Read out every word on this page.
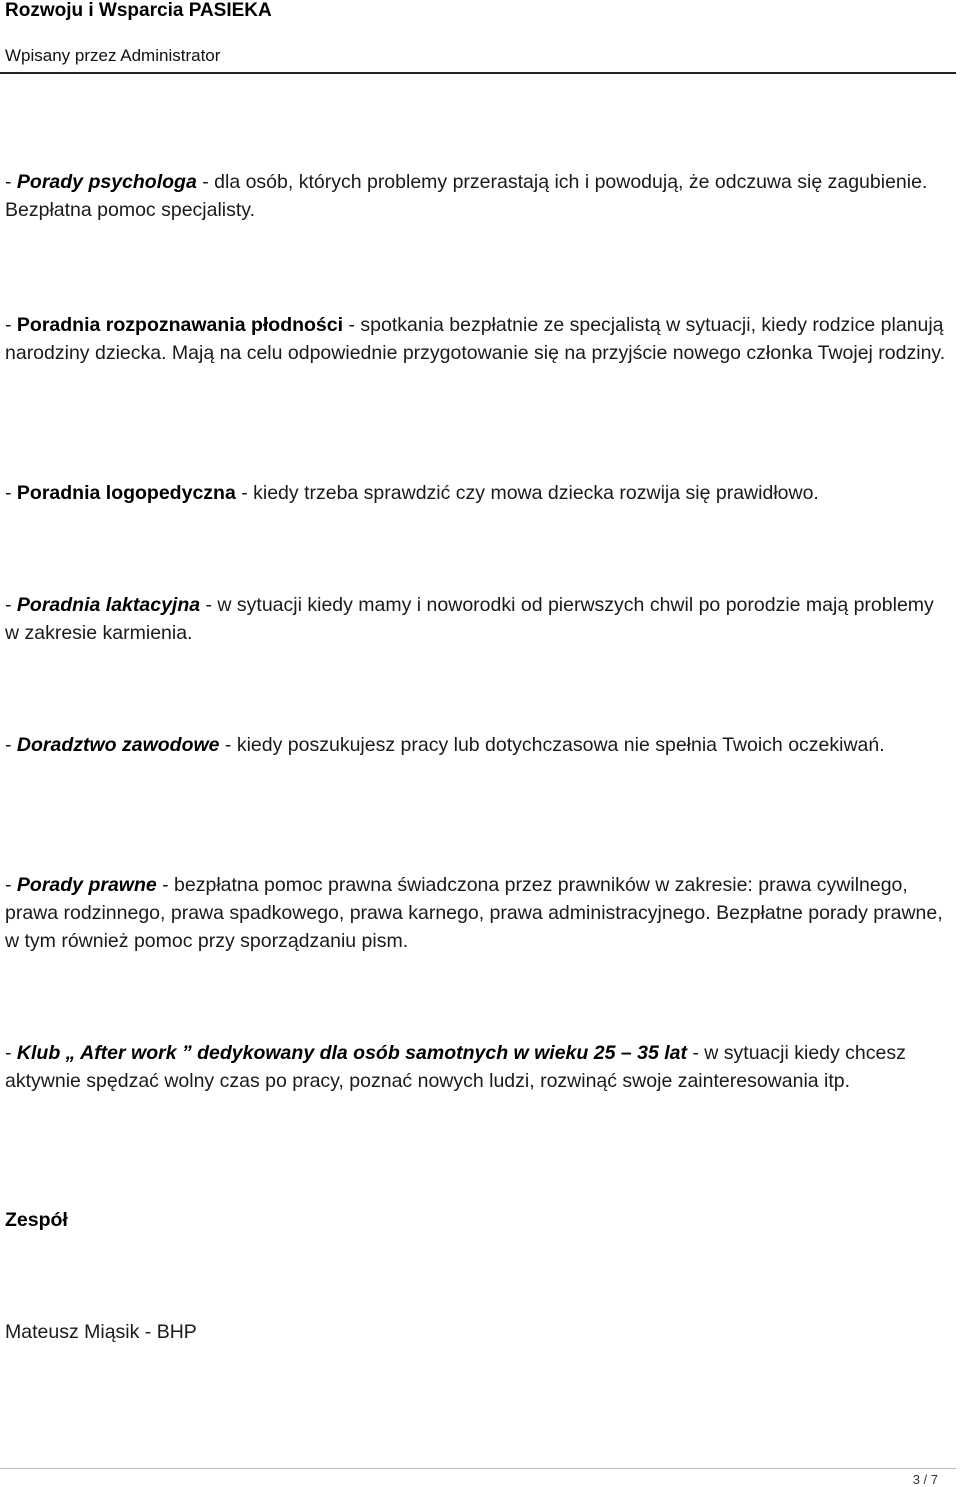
Rozwoju i Wsparcia PASIEKA
Wpisany przez Administrator

- Porady psychologa - dla osób, których problemy przerastają ich i powodują, że odczuwa się zagubienie. Bezpłatna pomoc specjalisty.

- Poradnia rozpoznawania płodności - spotkania bezpłatnie ze specjalistą w sytuacji, kiedy rodzice planują narodziny dziecka. Mają na celu odpowiednie przygotowanie się na przyjście nowego członka Twojej rodziny.

- Poradnia logopedyczna - kiedy trzeba sprawdzić czy mowa dziecka rozwija się prawidłowo.

- Poradnia laktacyjna - w sytuacji kiedy mamy i noworodki od pierwszych chwil po porodzie mają problemy w zakresie karmienia.

- Doradztwo zawodowe - kiedy poszukujesz pracy lub dotychczasowa nie spełnia Twoich oczekiwań.

- Porady prawne - bezpłatna pomoc prawna świadczona przez prawników w zakresie: prawa cywilnego, prawa rodzinnego, prawa spadkowego, prawa karnego, prawa administracyjnego. Bezpłatne porady prawne, w tym również pomoc przy sporządzaniu pism.

- Klub „ After work ” dedykowany dla osób samotnych w wieku 25 – 35 lat - w sytuacji kiedy chcesz aktywnie spędzać wolny czas po pracy, poznać nowych ludzi, rozwinąć swoje zainteresowania itp.

Zespół
Mateusz Miąsik - BHP
3 / 7
